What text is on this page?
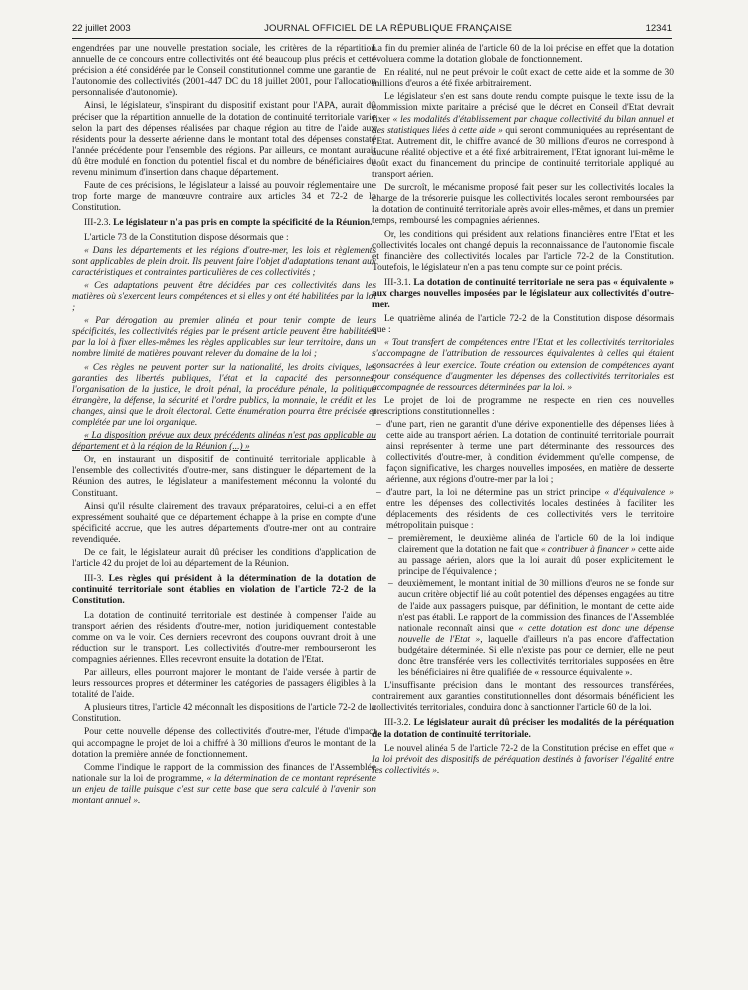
22 juillet 2003	JOURNAL OFFICIEL DE LA RÉPUBLIQUE FRANÇAISE	12341

engendrées par une nouvelle prestation sociale, les critères de la répartition annuelle de ce concours entre collectivités ont été beaucoup plus précis et cette précision a été considérée par le Conseil constitutionnel comme une garantie de l'autonomie des collectivités (2001-447 DC du 18 juillet 2001, pour l'allocation personnalisée d'autonomie).

Ainsi, le législateur, s'inspirant du dispositif existant pour l'APA, aurait dû préciser que la répartition annuelle de la dotation de continuité territoriale varie selon la part des dépenses réalisées par chaque région au titre de l'aide aux résidents pour la desserte aérienne dans le montant total des dépenses constaté l'année précédente pour l'ensemble des régions. Par ailleurs, ce montant aurait dû être modulé en fonction du potentiel fiscal et du nombre de bénéficiaires du revenu minimum d'insertion dans chaque département.

Faute de ces précisions, le législateur a laissé au pouvoir réglementaire une trop forte marge de manœuvre contraire aux articles 34 et 72-2 de la Constitution.

III-2.3. Le législateur n'a pas pris en compte la spécificité de la Réunion.

L'article 73 de la Constitution dispose désormais que :

« Dans les départements et les régions d'outre-mer, les lois et règlements sont applicables de plein droit. Ils peuvent faire l'objet d'adaptations tenant aux caractéristiques et contraintes particulières de ces collectivités ;

« Ces adaptations peuvent être décidées par ces collectivités dans les matières où s'exercent leurs compétences et si elles y ont été habilitées par la loi ;

« Par dérogation au premier alinéa et pour tenir compte de leurs spécificités, les collectivités régies par le présent article peuvent être habilitées par la loi à fixer elles-mêmes les règles applicables sur leur territoire, dans un nombre limité de matières pouvant relever du domaine de la loi ;

« Ces règles ne peuvent porter sur la nationalité, les droits civiques, les garanties des libertés publiques, l'état et la capacité des personnes, l'organisation de la justice, le droit pénal, la procédure pénale, la politique étrangère, la défense, la sécurité et l'ordre publics, la monnaie, le crédit et les changes, ainsi que le droit électoral. Cette énumération pourra être précisée et complétée par une loi organique.

« La disposition prévue aux deux précédents alinéas n'est pas applicable au département et à la région de la Réunion (...) »

Or, en instaurant un dispositif de continuité territoriale applicable à l'ensemble des collectivités d'outre-mer, sans distinguer le département de la Réunion des autres, le législateur a manifestement méconnu la volonté du Constituant.

Ainsi qu'il résulte clairement des travaux préparatoires, celui-ci a en effet expressément souhaité que ce département échappe à la prise en compte d'une spécificité accrue, que les autres départements d'outre-mer ont au contraire revendiquée.

De ce fait, le législateur aurait dû préciser les conditions d'application de l'article 42 du projet de loi au département de la Réunion.

III-3. Les règles qui président à la détermination de la dotation de continuité territoriale sont établies en violation de l'article 72-2 de la Constitution.

La dotation de continuité territoriale est destinée à compenser l'aide au transport aérien des résidents d'outre-mer, notion juridiquement contestable comme on va le voir. Ces derniers recevront des coupons ouvrant droit à une réduction sur le transport. Les collectivités d'outre-mer rembourseront les compagnies aériennes. Elles recevront ensuite la dotation de l'Etat.

Par ailleurs, elles pourront majorer le montant de l'aide versée à partir de leurs ressources propres et déterminer les catégories de passagers éligibles à la totalité de l'aide.

A plusieurs titres, l'article 42 méconnaît les dispositions de l'article 72-2 de la Constitution.

Pour cette nouvelle dépense des collectivités d'outre-mer, l'étude d'impact qui accompagne le projet de loi a chiffré à 30 millions d'euros le montant de la dotation la première année de fonctionnement.

Comme l'indique le rapport de la commission des finances de l'Assemblée nationale sur la loi de programme, « la détermination de ce montant représente un enjeu de taille puisque c'est sur cette base que sera calculé à l'avenir son montant annuel ».

La fin du premier alinéa de l'article 60 de la loi précise en effet que la dotation évoluera comme la dotation globale de fonctionnement.

En réalité, nul ne peut prévoir le coût exact de cette aide et la somme de 30 millions d'euros a été fixée arbitrairement.

Le législateur s'en est sans doute rendu compte puisque le texte issu de la commission mixte paritaire a précisé que le décret en Conseil d'Etat devrait fixer « les modalités d'établissement par chaque collectivité du bilan annuel et des statistiques liées à cette aide » qui seront communiquées au représentant de l'Etat. Autrement dit, le chiffre avancé de 30 millions d'euros ne correspond à aucune réalité objective et a été fixé arbitrairement, l'Etat ignorant lui-même le coût exact du financement du principe de continuité territoriale appliqué au transport aérien.

De surcroît, le mécanisme proposé fait peser sur les collectivités locales la charge de la trésorerie puisque les collectivités locales seront remboursées par la dotation de continuité territoriale après avoir elles-mêmes, et dans un premier temps, remboursé les compagnies aériennes.

Or, les conditions qui président aux relations financières entre l'Etat et les collectivités locales ont changé depuis la reconnaissance de l'autonomie fiscale et financière des collectivités locales par l'article 72-2 de la Constitution. Toutefois, le législateur n'en a pas tenu compte sur ce point précis.

III-3.1. La dotation de continuité territoriale ne sera pas « équivalente » aux charges nouvelles imposées par le législateur aux collectivités d'outre-mer.

Le quatrième alinéa de l'article 72-2 de la Constitution dispose désormais que :

« Tout transfert de compétences entre l'Etat et les collectivités territoriales s'accompagne de l'attribution de ressources équivalentes à celles qui étaient consacrées à leur exercice. Toute création ou extension de compétences ayant pour conséquence d'augmenter les dépenses des collectivités territoriales est accompagnée de ressources déterminées par la loi. »

Le projet de loi de programme ne respecte en rien ces nouvelles prescriptions constitutionnelles :

– d'une part, rien ne garantit d'une dérive exponentielle des dépenses liées à cette aide au transport aérien. La dotation de continuité territoriale pourrait ainsi représenter à terme une part déterminante des ressources des collectivités d'outre-mer, à condition évidemment qu'elle compense, de façon significative, les charges nouvelles imposées, en matière de desserte aérienne, aux régions d'outre-mer par la loi ;
– d'autre part, la loi ne détermine pas un strict principe « d'équivalence » entre les dépenses des collectivités locales destinées à faciliter les déplacements des résidents de ces collectivités vers le territoire métropolitain puisque :
– premièrement, le deuxième alinéa de l'article 60 de la loi indique clairement que la dotation ne fait que « contribuer à financer » cette aide au passage aérien, alors que la loi aurait dû poser explicitement le principe de l'équivalence ;
– deuxièmement, le montant initial de 30 millions d'euros ne se fonde sur aucun critère objectif lié au coût potentiel des dépenses engagées au titre de l'aide aux passagers puisque, par définition, le montant de cette aide n'est pas établi. Le rapport de la commission des finances de l'Assemblée nationale reconnaît ainsi que « cette dotation est donc une dépense nouvelle de l'Etat », laquelle d'ailleurs n'a pas encore d'affectation budgétaire déterminée. Si elle n'existe pas pour ce dernier, elle ne peut donc être transférée vers les collectivités territoriales supposées en être les bénéficiaires ni être qualifiée de « ressource équivalente ».

L'insuffisante précision dans le montant des ressources transférées, contrairement aux garanties constitutionnelles dont désormais bénéficient les collectivités territoriales, conduira donc à sanctionner l'article 60 de la loi.

III-3.2. Le législateur aurait dû préciser les modalités de la péréquation de la dotation de continuité territoriale.

Le nouvel alinéa 5 de l'article 72-2 de la Constitution précise en effet que « la loi prévoit des dispositifs de péréquation destinés à favoriser l'égalité entre les collectivités ».
